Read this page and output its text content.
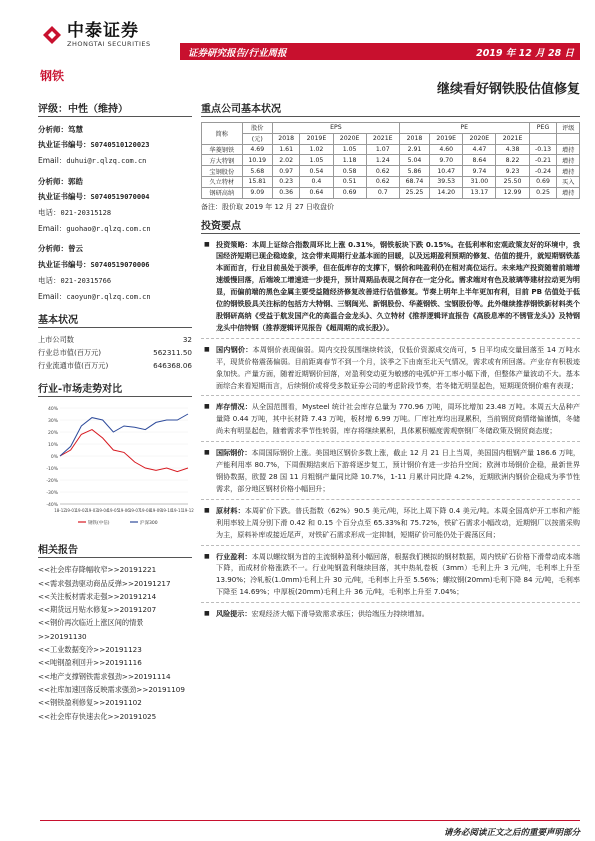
中泰证券
ZHONGTAI SECURITIES
证券研究报告/行业周报	2019 年 12 月 28 日
钢铁
继续看好钢铁股估值修复
评级：中性（维持）
分析师：笃慧
执业证书编号：S0740510120023
Email：duhui@r.qlzq.com.cn
分析师：郭皓
执业证书编号：S0740519070004
电话：021-20315128
Email：guohao@r.qlzq.com.cn
分析师：曾云
执业证书编号：S0740519070006
电话：021-20315766
Email：caoyun@r.qlzq.com.cn
基本状况
上市公司数	32
行业总市值(百万元)	562311.50
行业流通市值(百万元)	646368.06
行业-市场走势对比
40%
30%
20%
10%
0%
-10%
-20%
-30%
-40%
18-12 19-01 19-02 19-03 19-04 19-05 19-06 19-07 19-08 19-09 19-10 19-11 19-12
钢铁(中信)	沪深300
相关报告
<<社会库存降幅收窄>>20191221
<<需求强劲驱动商品反弹>>20191217
<<关注板材需求走强>>20191214
<<期货远月贴水修复>>20191207
<<钢价再次临近上涨区间的情景>>20191130
<<工业数据变冷>>20191123
<<吨钢盈利回升>>20191116
<<地产支撑钢铁需求强劲>>20191114
<<社库加速回落反映需求强劲>>20191109
<<钢铁盈利修复>>20191102
<<社会库存快速去化>>20191025
重点公司基本状况
简称	股价	EPS				PE				PEG	评级
	(元)	2018	2019E	2020E	2021E	2018	2019E	2020E	2021E		
华菱钢铁	4.69	1.61	1.02	1.05	1.07	2.91	4.60	4.47	4.38	-0.13	增持
方大特钢	10.19	2.02	1.05	1.18	1.24	5.04	9.70	8.64	8.22	-0.21	增持
宝钢股份	5.68	0.97	0.54	0.58	0.62	5.86	10.47	9.74	9.23	-0.24	增持
久立特材	15.81	0.23	0.4	0.51	0.62	68.74	39.53	31.00	25.50	0.69	买入
钢研高纳	9.09	0.36	0.64	0.69	0.7	25.25	14.20	13.17	12.99	0.25	增持
备注：股价取 2019 年 12 月 27 日收盘价
投资要点
■ 投资策略：本周上证综合指数周环比上涨 0.31%，钢铁板块下跌 0.15%。在低利率和宏观政策友好的环境中，我国经济短期已现企稳迹象，这会带来周期行业基本面的回暖，以及远期盈利预期的修复、估值的提升，就短期钢铁基本面而言，行业目前虽处于淡季，但在低库存的支撑下，钢价和吨盈利仍在相对高位运行。未来地产投资随着前端增速缓慢回落，后端竣工增速进一步提升，预计周期品表现之间存在一定分化。需求端对有色及玻璃等建材拉动更为明显，而偏前端的黑色金属主要受益随经济修复改善进行估值修复。节奏上明年上半年更加有利，目前 PB 估值处于低位的钢铁股具关注标的包括方大特钢、三钢闽光、新钢股份、华菱钢铁、宝钢股份等。此外继续推荐钢铁新材料类个股钢研高纳《受益于航发国产化的高温合金龙头》、久立特材《推荐逻辑评直报告《高股息率的不锈管龙头》》及特钢龙头中信特钢（推荐逻辑评见报告《超周期的成长股》）。
■ 国内钢价：本周钢价表现偏弱。周内交投氛围继续转淡，仅低价资源成交尚可，5 日平均成交量回落至 14 万吨水平，现货价格震荡偏弱。目前距离春节不到一个月，淡季之下由南至北天气情况，需求或有所回落。产业存有积极迹象加快。产量方面，随着近期钢价回落，对盈利变动更为敏感的电弧炉开工率小幅下滑，但整体产量波动不大。基本面综合来看短期而言，后续钢价或将受多数证券公司的考虑阶段节奏，若冬储无明显起色，短期现货钢价难有表现；
■ 库存情况：从全国范围看，Mysteel 统计社会库存总量为 770.96 万吨，周环比增加 23.48 万吨。本周五大品种产量降 0.44 万吨，其中长材降 7.43 万吨，板材增 6.99 万吨。厂库社库均出现累积，当前钢贸商情绪偏谨慎，冬储尚未有明显起色，随着需求季节性转弱，库存将继续累积，具体累积幅度需观察钢厂冬储政策及钢贸商态度；
■ 国际钢价：本周国际钢价上涨。美国地区钢价多数上涨，截止 12 月 21 日上当周，美国国内粗钢产量 186.6 万吨，产能利用率 80.7%，下周假期结束后下游将逐步复工，预计钢价有进一步抬升空间；欧洲市场钢价企稳，最新世界钢协数据，欧盟 28 国 11 月粗钢产量同比降 10.7%，1-11 月累计同比降 4.2%，近期欧洲内钢价企稳成为季节性需求，部分地区钢材价格小幅回升；
■ 原材料：本周矿价下跌。普氏指数（62%）90.5 美元/吨，环比上周下降 0.4 美元/吨。本周全国高炉开工率和产能利用率较上周分别下滑 0.42 和 0.15 个百分点至 65.33%和 75.72%，铁矿石需求小幅改动，近期钢厂以按需采购为主，原料补库或接近尾声，对铁矿石需求形成一定抑制，短期矿价可能仍处于震荡区间；
■ 行业盈利：本周以螺纹钢为首的主流钢种盈利小幅回落，根据我们模拟的钢材数据，周内铁矿石价格下滑带动成本端下降，而成材价格涨跌不一。行业吨钢盈利继续回落，其中热轧卷板（3mm）毛利上升 3 元/吨，毛利率上升至 13.90%；冷轧板(1.0mm)毛利上升 30 元/吨，毛利率上升至 5.56%；螺纹钢(20mm)毛利下降 84 元/吨，毛利率下降至 14.69%；中厚板(20mm)毛利上升 36 元/吨，毛利率上升至 7.04%；
■ 风险提示：宏观经济大幅下滑导致需求承压；供给端压力持续增加。
请务必阅读正文之后的重要声明部分
